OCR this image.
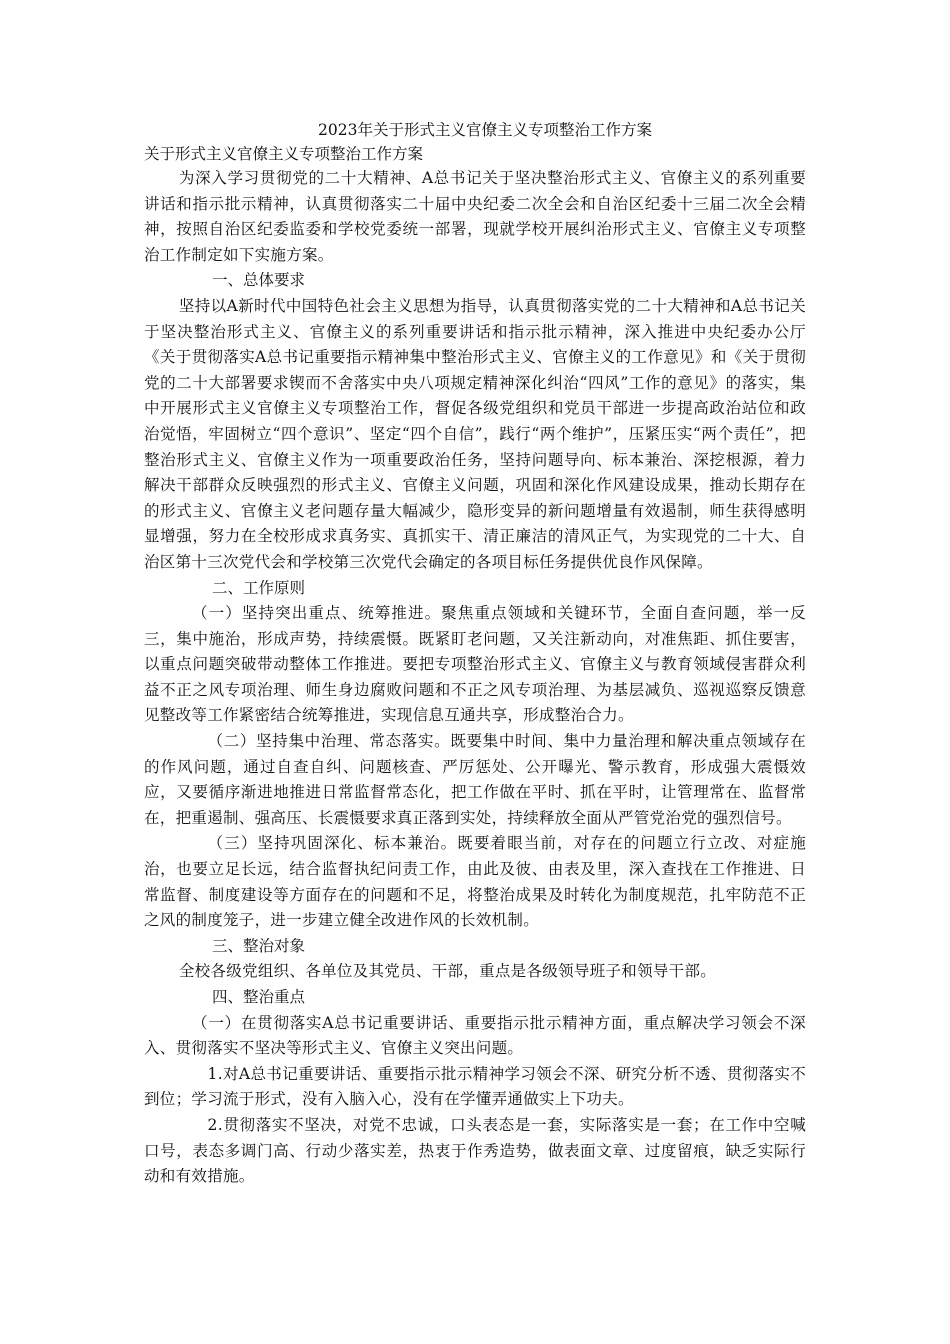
2023年关于形式主义官僚主义专项整治工作方案

关于形式主义官僚主义专项整治工作方案

为深入学习贯彻党的二十大精神、A总书记关于坚决整治形式主义、官僚主义的系列重要讲话和指示批示精神，认真贯彻落实二十届中央纪委二次全会和自治区纪委十三届二次全会精神，按照自治区纪委监委和学校党委统一部署，现就学校开展纠治形式主义、官僚主义专项整治工作制定如下实施方案。

一、总体要求

坚持以A新时代中国特色社会主义思想为指导，认真贯彻落实党的二十大精神和A总书记关于坚决整治形式主义、官僚主义的系列重要讲话和指示批示精神，深入推进中央纪委办公厅《关于贯彻落实A总书记重要指示精神集中整治形式主义、官僚主义的工作意见》和《关于贯彻党的二十大部署要求锲而不舍落实中央八项规定精神深化纠治“四风”工作的意见》的落实，集中开展形式主义官僚主义专项整治工作，督促各级党组织和党员干部进一步提高政治站位和政治觉悟，牢固树立“四个意识”、坚定“四个自信”，践行“两个维护”，压紧压实“两个责任”，把整治形式主义、官僚主义作为一项重要政治任务，坚持问题导向、标本兼治、深挖根源，着力解决干部群众反映强烈的形式主义、官僚主义问题，巩固和深化作风建设成果，推动长期存在的形式主义、官僚主义老问题存量大幅减少，隐形变异的新问题增量有效遏制，师生获得感明显增强，努力在全校形成求真务实、真抓实干、清正廉洁的清风正气，为实现党的二十大、自治区第十三次党代会和学校第三次党代会确定的各项目标任务提供优良作风保障。

二、工作原则

（一）坚持突出重点、统筹推进。聚焦重点领域和关键环节，全面自查问题，举一反三，集中施治，形成声势，持续震慑。既紧盯老问题，又关注新动向，对准焦距、抓住要害，以重点问题突破带动整体工作推进。要把专项整治形式主义、官僚主义与教育领域侵害群众利益不正之风专项治理、师生身边腐败问题和不正之风专项治理、为基层减负、巡视巡察反馈意见整改等工作紧密结合统筹推进，实现信息互通共享，形成整治合力。

（二）坚持集中治理、常态落实。既要集中时间、集中力量治理和解决重点领域存在的作风问题，通过自查自纠、问题核查、严厉惩处、公开曝光、警示教育，形成强大震慑效应，又要循序渐进地推进日常监督常态化，把工作做在平时、抓在平时，让管理常在、监督常在，把重遏制、强高压、长震慑要求真正落到实处，持续释放全面从严管党治党的强烈信号。

（三）坚持巩固深化、标本兼治。既要着眼当前，对存在的问题立行立改、对症施治，也要立足长远，结合监督执纪问责工作，由此及彼、由表及里，深入查找在工作推进、日常监督、制度建设等方面存在的问题和不足，将整治成果及时转化为制度规范，扎牢防范不正之风的制度笼子，进一步建立健全改进作风的长效机制。

三、整治对象

全校各级党组织、各单位及其党员、干部，重点是各级领导班子和领导干部。

四、整治重点

（一）在贯彻落实A总书记重要讲话、重要指示批示精神方面，重点解决学习领会不深入、贯彻落实不坚决等形式主义、官僚主义突出问题。

1.对A总书记重要讲话、重要指示批示精神学习领会不深、研究分析不透、贯彻落实不到位；学习流于形式，没有入脑入心，没有在学懂弄通做实上下功夫。

2.贯彻落实不坚决，对党不忠诚，口头表态是一套，实际落实是一套；在工作中空喊口号，表态多调门高、行动少落实差，热衷于作秀造势，做表面文章、过度留痕，缺乏实际行动和有效措施。
